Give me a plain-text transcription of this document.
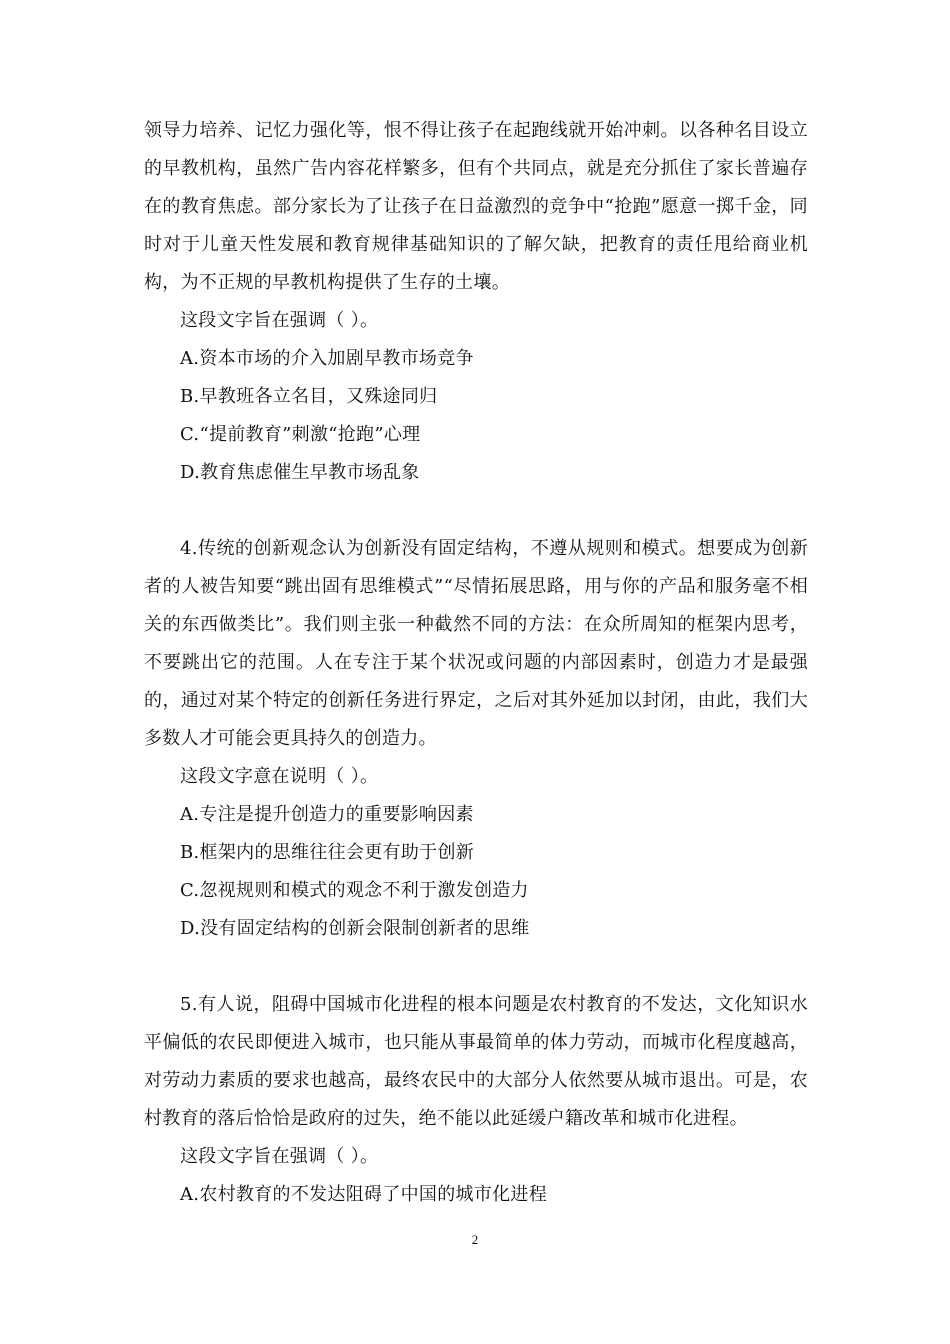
领导力培养、记忆力强化等，恨不得让孩子在起跑线就开始冲刺。以各种名目设立的早教机构，虽然广告内容花样繁多，但有个共同点，就是充分抓住了家长普遍存在的教育焦虑。部分家长为了让孩子在日益激烈的竞争中“抢跑”愿意一掷千金，同时对于儿童天性发展和教育规律基础知识的了解欠缺，把教育的责任甩给商业机构，为不正规的早教机构提供了生存的土壤。

这段文字旨在强调（ ）。

A.资本市场的介入加剧早教市场竞争

B.早教班各立名目，又殊途同归

C.“提前教育”刺激“抢跑”心理

D.教育焦虑催生早教市场乱象

4.传统的创新观念认为创新没有固定结构，不遵从规则和模式。想要成为创新者的人被告知要“跳出固有思维模式”“尽情拓展思路，用与你的产品和服务毫不相关的东西做类比”。我们则主张一种截然不同的方法：在众所周知的框架内思考，不要跳出它的范围。人在专注于某个状况或问题的内部因素时，创造力才是最强的，通过对某个特定的创新任务进行界定，之后对其外延加以封闭，由此，我们大多数人才可能会更具持久的创造力。

这段文字意在说明（ ）。

A.专注是提升创造力的重要影响因素

B.框架内的思维往往会更有助于创新

C.忽视规则和模式的观念不利于激发创造力

D.没有固定结构的创新会限制创新者的思维

5.有人说，阻碍中国城市化进程的根本问题是农村教育的不发达，文化知识水平偏低的农民即便进入城市，也只能从事最简单的体力劳动，而城市化程度越高，对劳动力素质的要求也越高，最终农民中的大部分人依然要从城市退出。可是，农村教育的落后恰恰是政府的过失，绝不能以此延缓户籍改革和城市化进程。

这段文字旨在强调（ ）。

A.农村教育的不发达阻碍了中国的城市化进程

2
